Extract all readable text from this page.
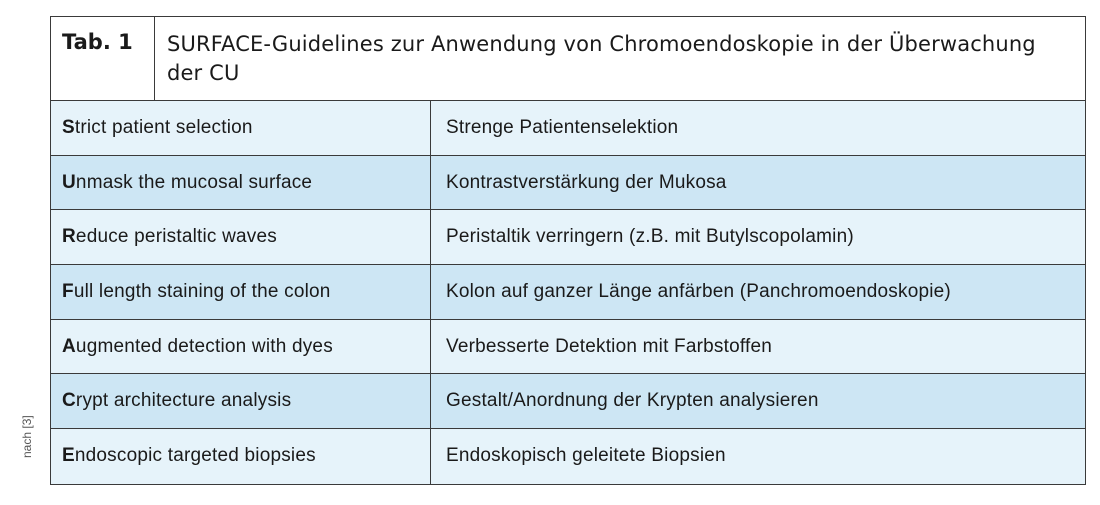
Tab. 1	SURFACE-Guidelines zur Anwendung von Chromoendoskopie in der Überwachung der CU
S trict patient selection	Strenge Patientenselektion
U nmask the mucosal surface	Kontrastverstärkung der Mukosa
R educe peristaltic waves	Peristaltik verringern (z.B. mit Butylscopolamin)
F ull length staining of the colon	Kolon auf ganzer Länge anfärben (Panchromoendoskopie)
A ugmented detection with dyes	Verbesserte Detektion mit Farbstoffen
C rypt architecture analysis	Gestalt/Anordnung der Krypten analysieren
E ndoscopic targeted biopsies	Endoskopisch geleitete Biopsien
nach [3]
